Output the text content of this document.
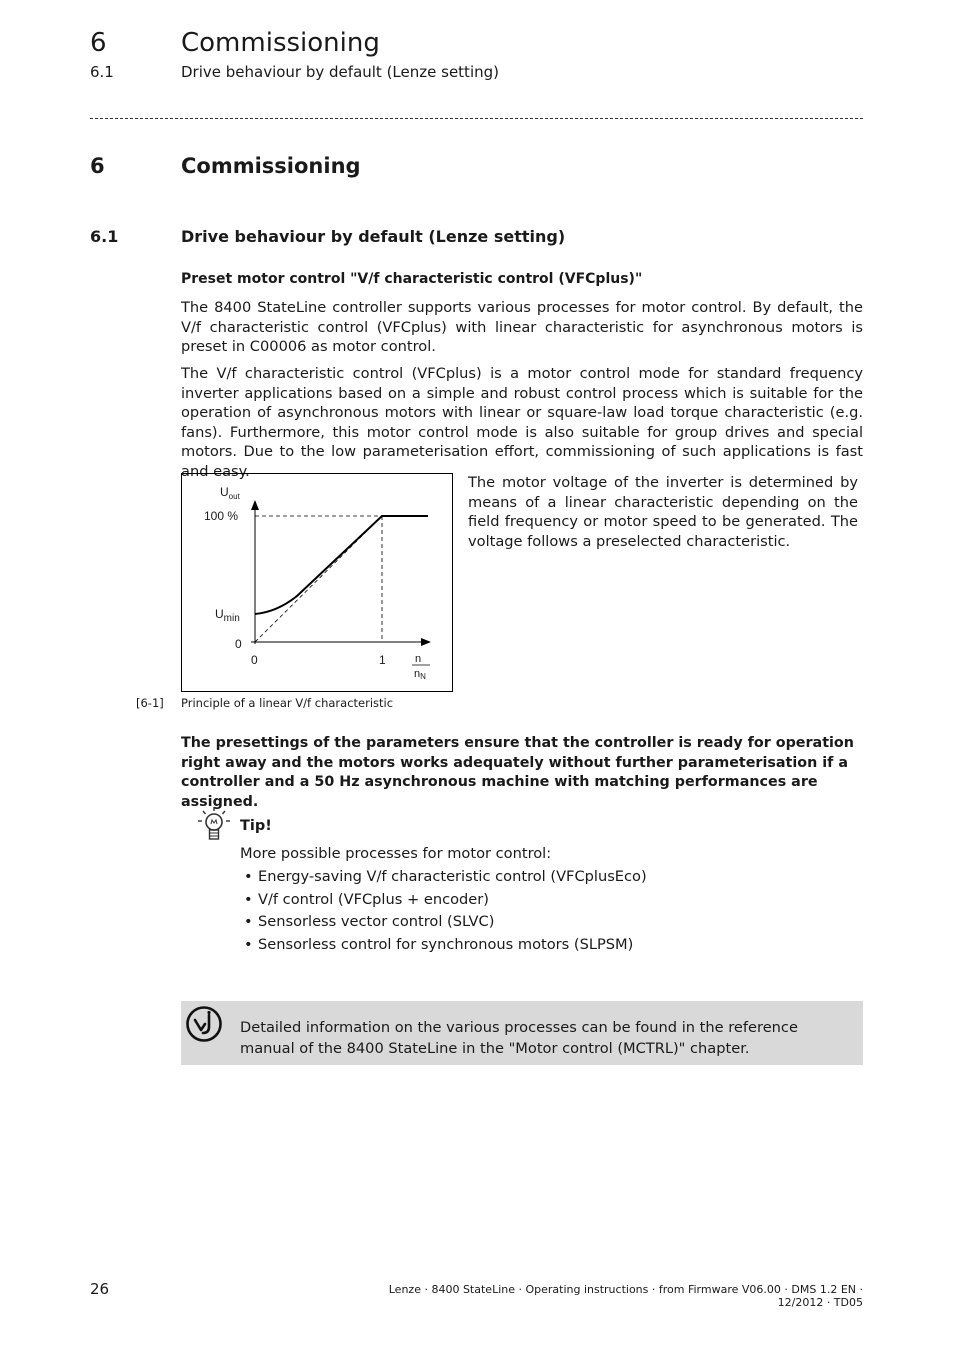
6	Commissioning
6.1	Drive behaviour by default (Lenze setting)
6	Commissioning
6.1	Drive behaviour by default (Lenze setting)
Preset motor control "V/f characteristic control (VFCplus)"

The 8400 StateLine controller supports various processes for motor control. By default, the V/f characteristic control (VFCplus) with linear characteristic for asynchronous motors is preset in C00006 as motor control.

The V/f characteristic control (VFCplus) is a motor control mode for standard frequency inverter applications based on a simple and robust control process which is suitable for the operation of asynchronous motors with linear or square-law load torque characteristic (e.g. fans). Furthermore, this motor control mode is also suitable for group drives and special motors. Due to the low parameterisation effort, commissioning of such applications is fast and easy.

$U_{out}$
100 %
$U_{min}$
0
0	1	n
nN

The motor voltage of the inverter is determined by means of a linear characteristic depending on the field frequency or motor speed to be generated. The voltage follows a preselected characteristic.

[6-1] Principle of a linear V/f characteristic

The presettings of the parameters ensure that the controller is ready for operation right away and the motors works adequately without further parameterisation if a controller and a 50 Hz asynchronous machine with matching performances are assigned.

Tip!
More possible processes for motor control:
• Energy-saving V/f characteristic control (VFCplusEco)
• V/f control (VFCplus + encoder)
• Sensorless vector control (SLVC)
• Sensorless control for synchronous motors (SLPSM)

Detailed information on the various processes can be found in the reference manual of the 8400 StateLine in the "Motor control (MCTRL)" chapter.

26	Lenze · 8400 StateLine · Operating instructions · from Firmware V06.00 · DMS 1.2 EN · 12/2012 · TD05
